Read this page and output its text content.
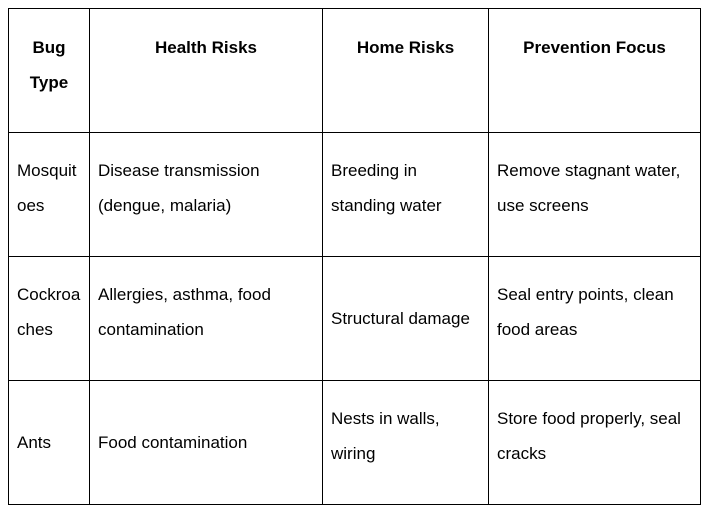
Bug Type	Health Risks	Home Risks	Prevention Focus

Mosquitoes	Disease transmission (dengue, malaria)	Breeding in standing water	Remove stagnant water, use screens

Cockroaches	Allergies, asthma, food contamination	Structural damage	Seal entry points, clean food areas

Ants	Food contamination	Nests in walls, wiring	Store food properly, seal cracks
